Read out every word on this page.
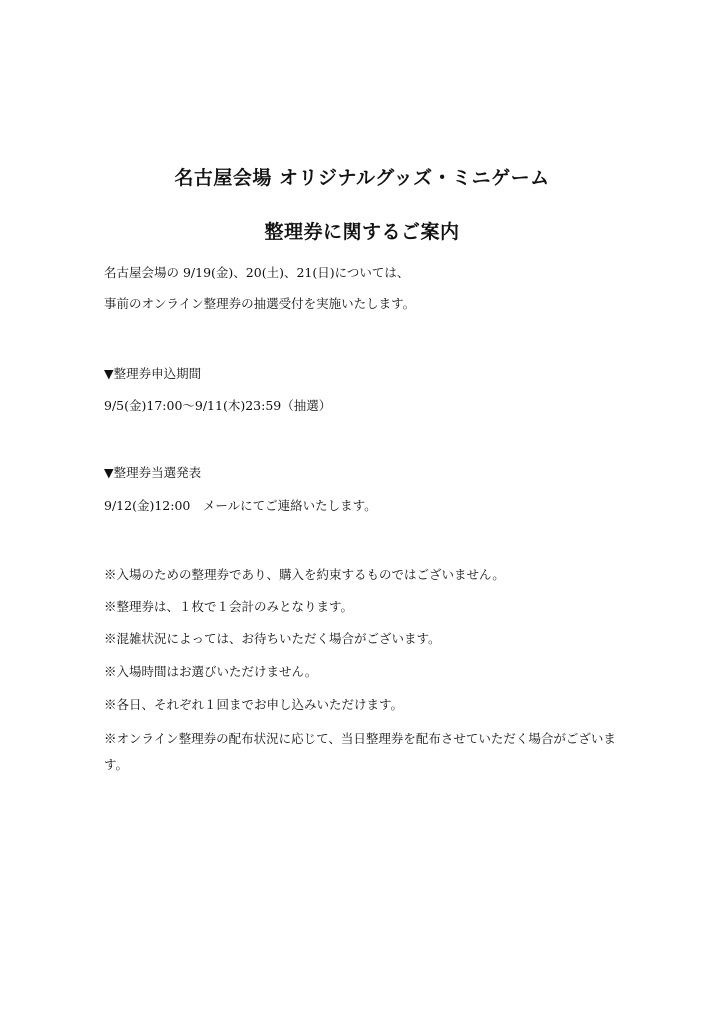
名古屋会場 オリジナルグッズ・ミニゲーム
整理券に関するご案内
名古屋会場の 9/19(金)、20(土)、21(日)については、
事前のオンライン整理券の抽選受付を実施いたします。
▼整理券申込期間
9/5(金)17:00〜9/11(木)23:59（抽選）
▼整理券当選発表
9/12(金)12:00　メールにてご連絡いたします。
※入場のための整理券であり、購入を約束するものではございません。
※整理券は、１枚で１会計のみとなります。
※混雑状況によっては、お待ちいただく場合がございます。
※入場時間はお選びいただけません。
※各日、それぞれ１回までお申し込みいただけます。
※オンライン整理券の配布状況に応じて、当日整理券を配布させていただく場合がございます。
